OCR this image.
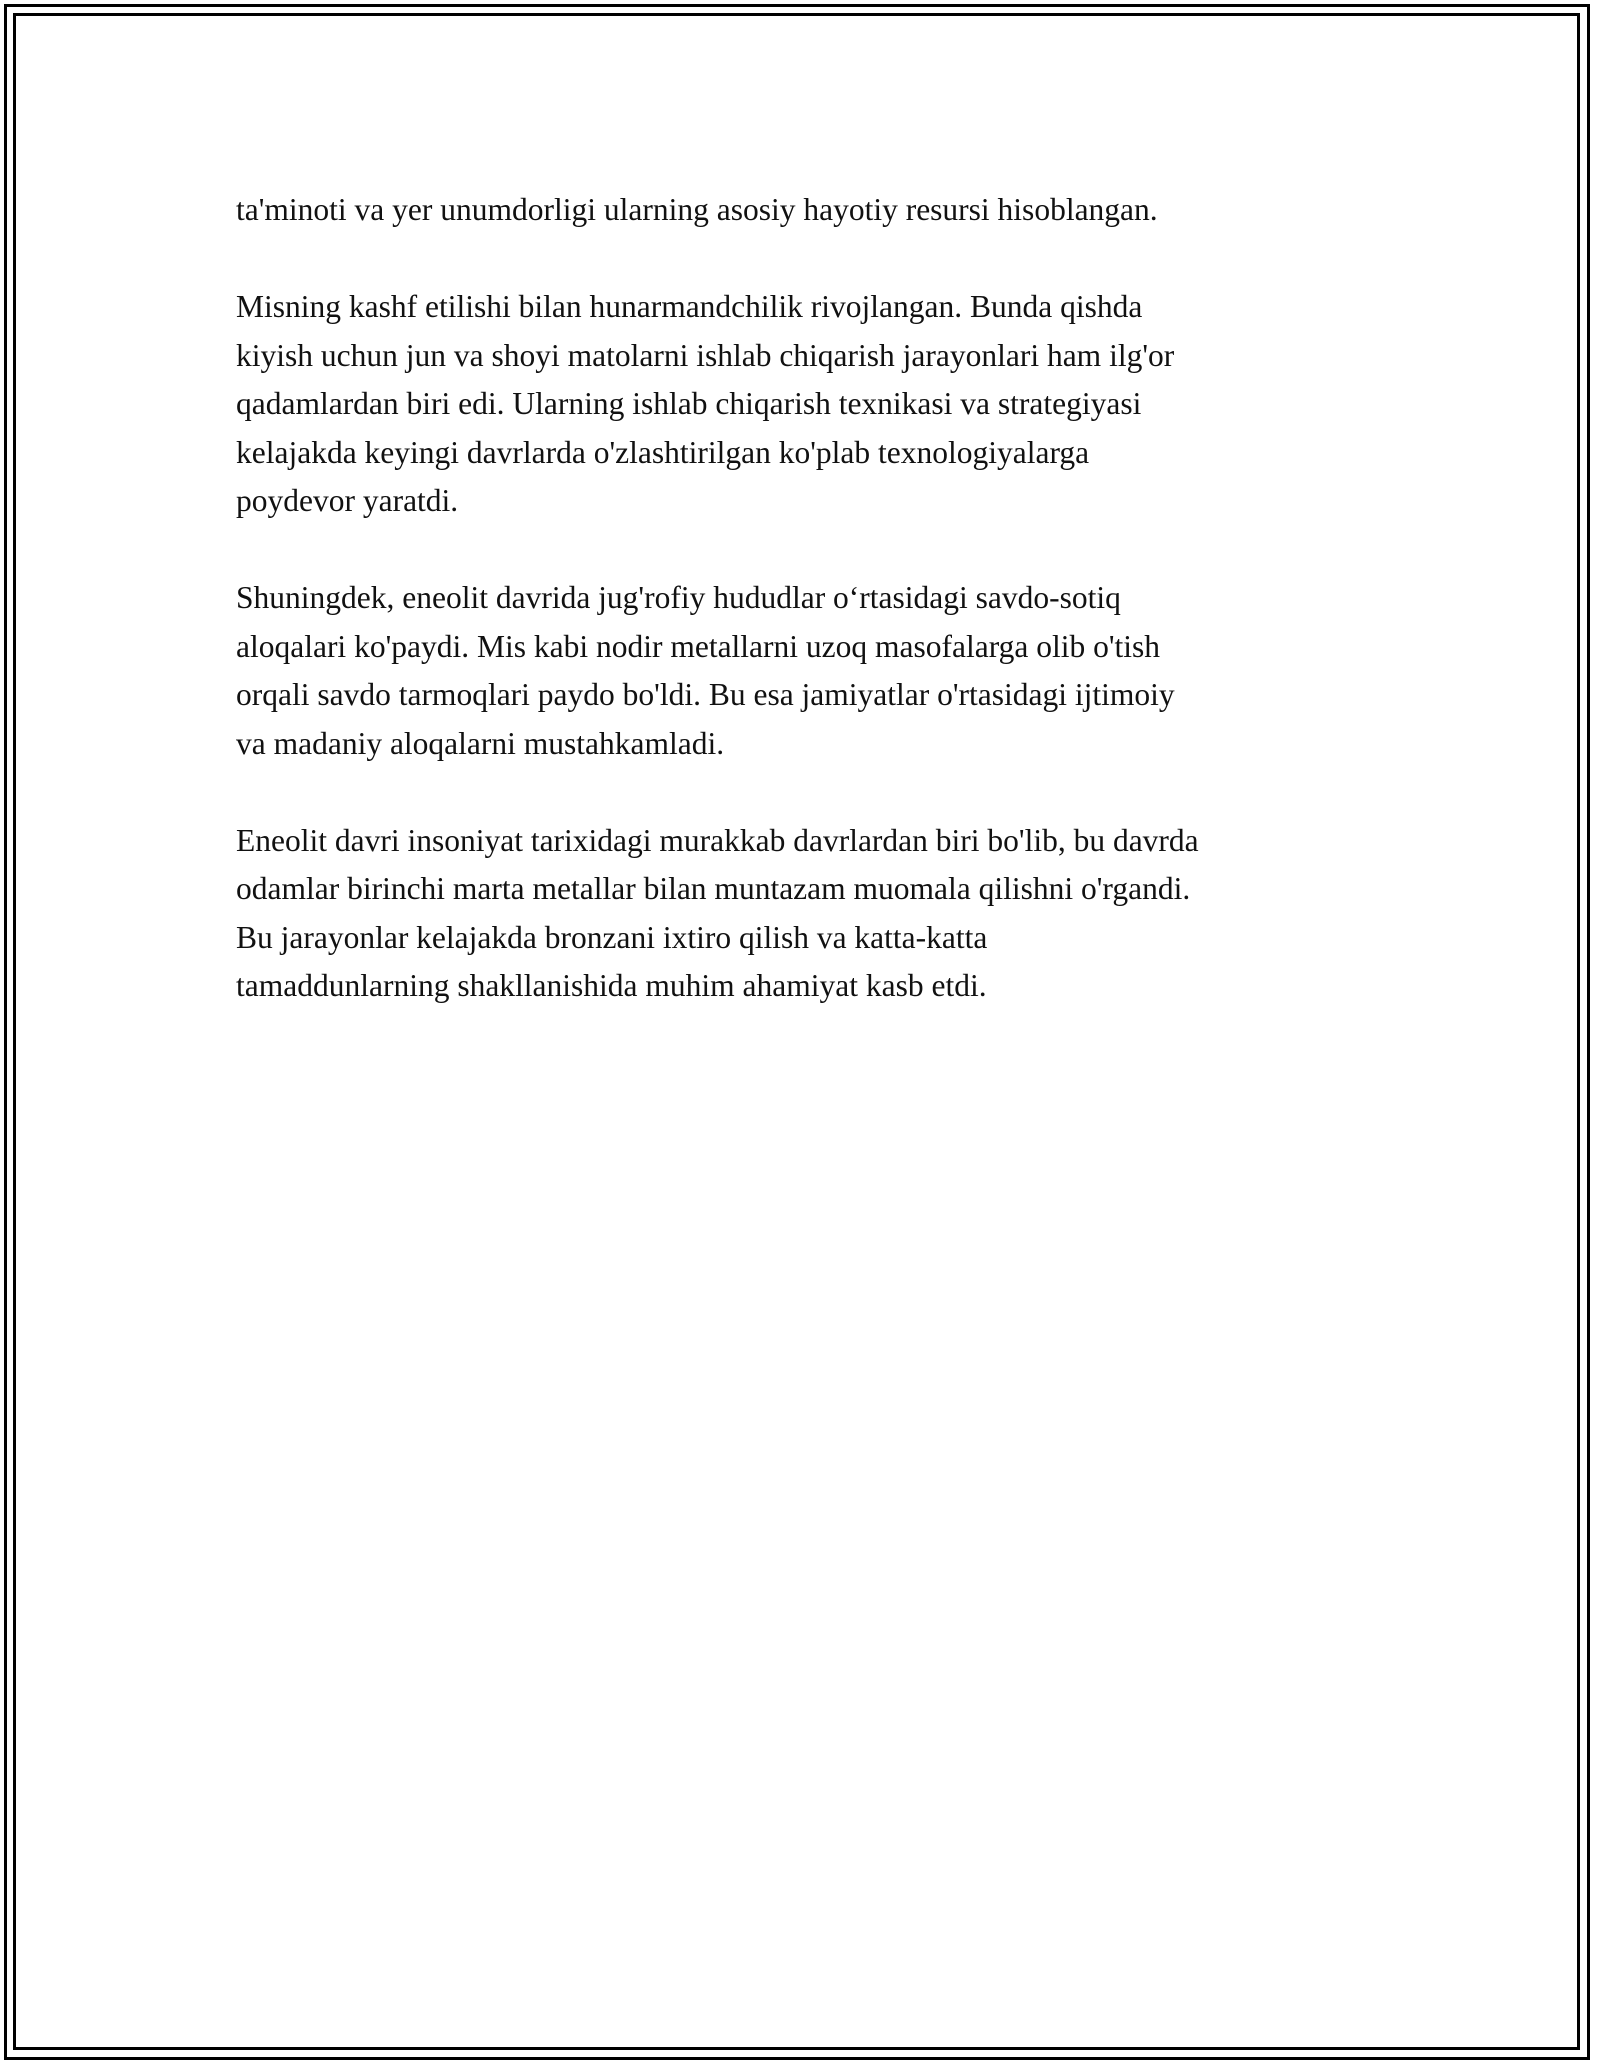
ta'minoti va yer unumdorligi ularning asosiy hayotiy resursi hisoblangan.

Misning kashf etilishi bilan hunarmandchilik rivojlangan. Bunda qishda
kiyish uchun jun va shoyi matolarni ishlab chiqarish jarayonlari ham ilg'or
qadamlardan biri edi. Ularning ishlab chiqarish texnikasi va strategiyasi
kelajakda keyingi davrlarda o'zlashtirilgan ko'plab texnologiyalarga
poydevor yaratdi.

Shuningdek, eneolit davrida jug'rofiy hududlar o‘rtasidagi savdo-sotiq
aloqalari ko'paydi. Mis kabi nodir metallarni uzoq masofalarga olib o'tish
orqali savdo tarmoqlari paydo bo'ldi. Bu esa jamiyatlar o'rtasidagi ijtimoiy
va madaniy aloqalarni mustahkamladi.

Eneolit davri insoniyat tarixidagi murakkab davrlardan biri bo'lib, bu davrda
odamlar birinchi marta metallar bilan muntazam muomala qilishni o'rgandi.
Bu jarayonlar kelajakda bronzani ixtiro qilish va katta-katta
tamaddunlarning shakllanishida muhim ahamiyat kasb etdi.
